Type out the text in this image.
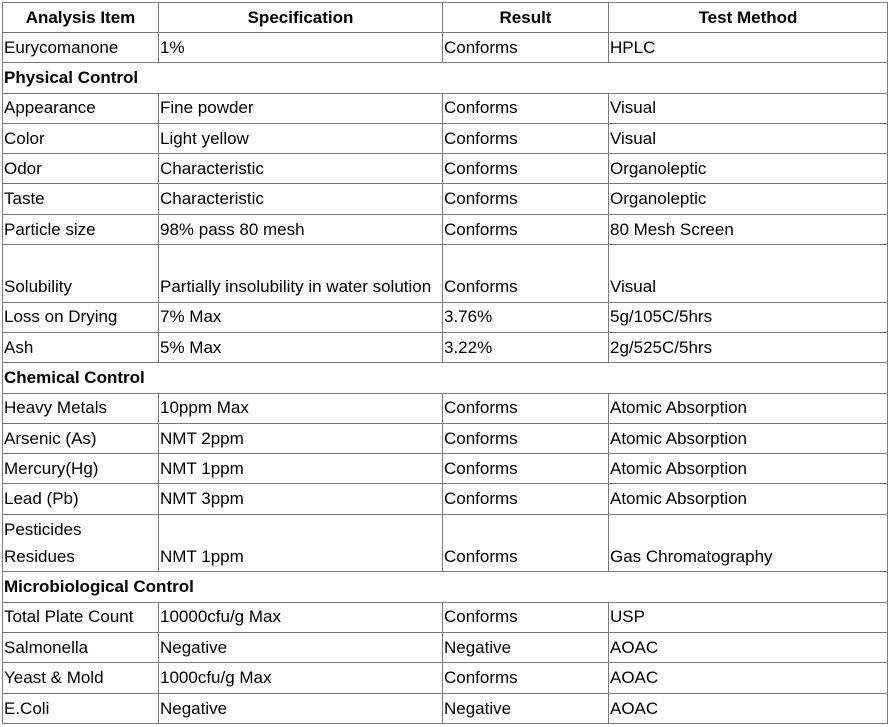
Analysis Item	Specification	Result	Test Method
Eurycomanone	1%	Conforms	HPLC
Physical Control			
Appearance	Fine powder	Conforms	Visual
Color	Light yellow	Conforms	Visual
Odor	Characteristic	Conforms	Organoleptic
Taste	Characteristic	Conforms	Organoleptic
Particle size	98% pass 80 mesh	Conforms	80 Mesh Screen
Solubility	Partially insolubility in water solution	Conforms	Visual
Loss on Drying	7% Max	3.76%	5g/105C/5hrs
Ash	5% Max	3.22%	2g/525C/5hrs
Chemical Control			
Heavy Metals	10ppm Max	Conforms	Atomic Absorption
Arsenic (As)	NMT 2ppm	Conforms	Atomic Absorption
Mercury(Hg)	NMT 1ppm	Conforms	Atomic Absorption
Lead (Pb)	NMT 3ppm	Conforms	Atomic Absorption
Pesticides Residues	NMT 1ppm	Conforms	Gas Chromatography
Microbiological Control			
Total Plate Count	10000cfu/g Max	Conforms	USP
Salmonella	Negative	Negative	AOAC
Yeast & Mold	1000cfu/g Max	Conforms	AOAC
E.Coli	Negative	Negative	AOAC
